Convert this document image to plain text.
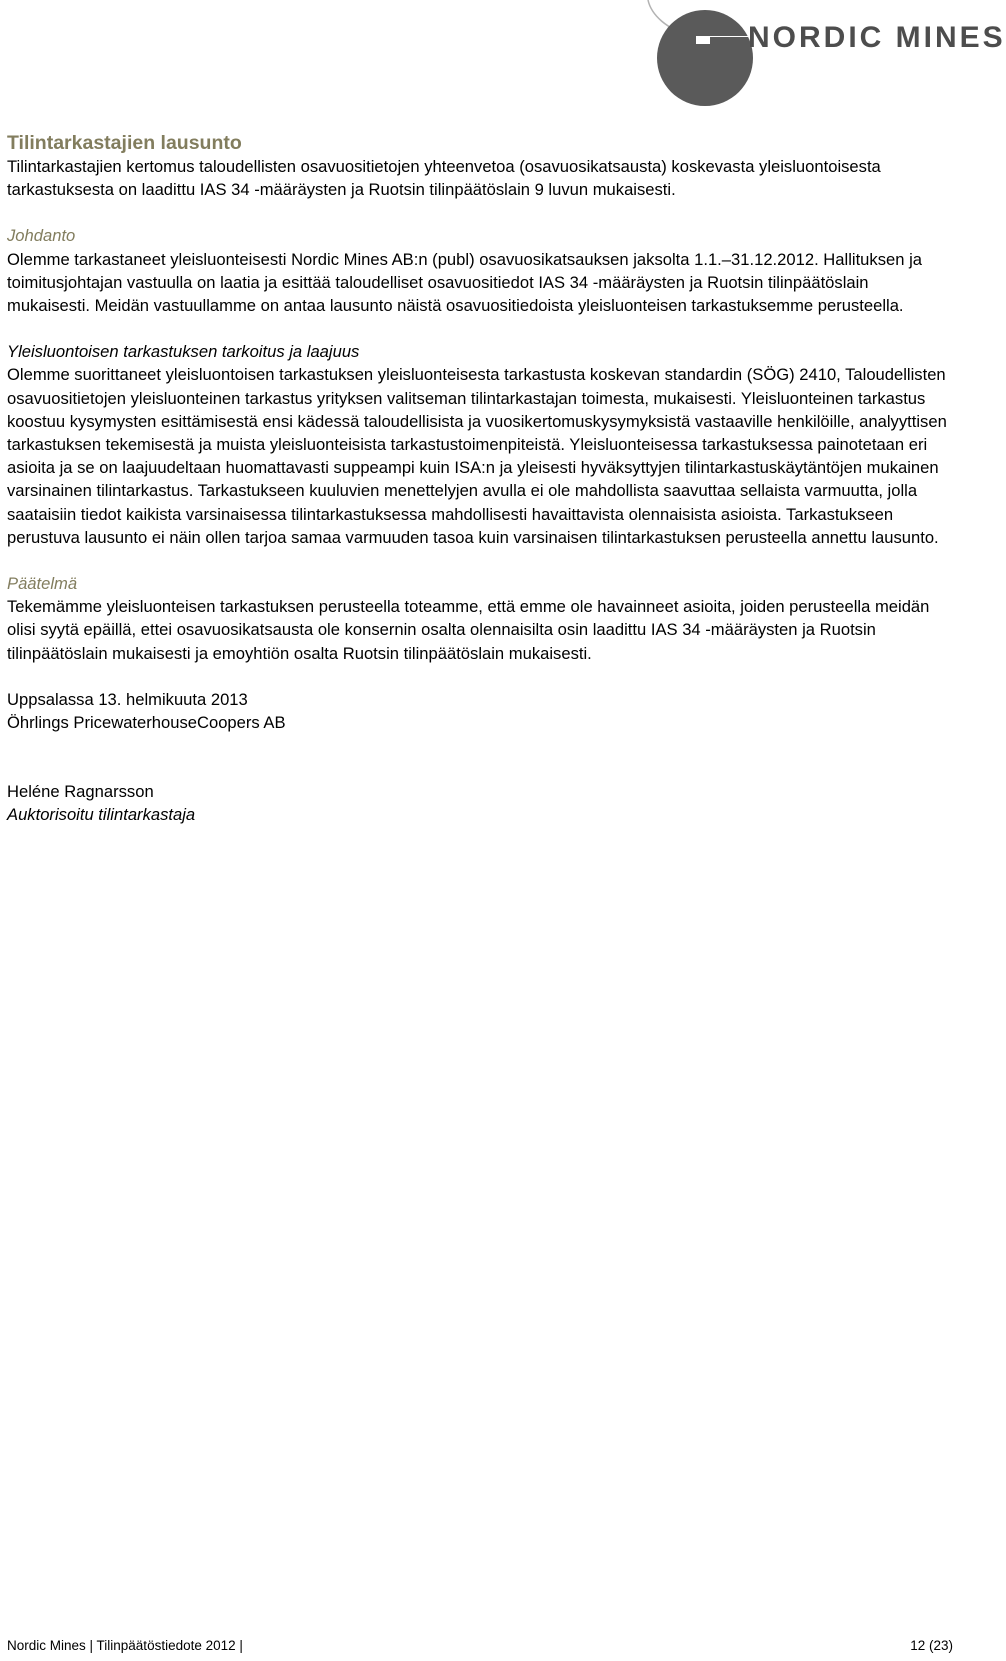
NORDIC MINES
Tilintarkastajien lausunto

Tilintarkastajien kertomus taloudellisten osavuositietojen yhteenvetoa (osavuosikatsausta) koskevasta yleisluontoisesta tarkastuksesta on laadittu IAS 34 -määräysten ja Ruotsin tilinpäätöslain 9 luvun mukaisesti.

Johdanto

Olemme tarkastaneet yleisluonteisesti Nordic Mines AB:n (publ) osavuosikatsauksen jaksolta 1.1.–31.12.2012. Hallituksen ja toimitusjohtajan vastuulla on laatia ja esittää taloudelliset osavuositiedot IAS 34 -määräysten ja Ruotsin tilinpäätöslain mukaisesti. Meidän vastuullamme on antaa lausunto näistä osavuositiedoista yleisluonteisen tarkastuksemme perusteella.

Yleisluontoisen tarkastuksen tarkoitus ja laajuus

Olemme suorittaneet yleisluontoisen tarkastuksen yleisluonteisesta tarkastusta koskevan standardin (SÖG) 2410, Taloudellisten osavuositietojen yleisluonteinen tarkastus yrityksen valitseman tilintarkastajan toimesta, mukaisesti. Yleisluonteinen tarkastus koostuu kysymysten esittämisestä ensi kädessä taloudellisista ja vuosikertomuskysymyksistä vastaaville henkilöille, analyyttisen tarkastuksen tekemisestä ja muista yleisluonteisista tarkastustoimenpiteistä. Yleisluonteisessa tarkastuksessa painotetaan eri asioita ja se on laajuudeltaan huomattavasti suppeampi kuin ISA:n ja yleisesti hyväksyttyjen tilintarkastuskäytäntöjen mukainen varsinainen tilintarkastus. Tarkastukseen kuuluvien menettelyjen avulla ei ole mahdollista saavuttaa sellaista varmuutta, jolla saataisiin tiedot kaikista varsinaisessa tilintarkastuksessa mahdollisesti havaittavista olennaisista asioista. Tarkastukseen perustuva lausunto ei näin ollen tarjoa samaa varmuuden tasoa kuin varsinaisen tilintarkastuksen perusteella annettu lausunto.

Päätelmä

Tekemämme yleisluonteisen tarkastuksen perusteella toteamme, että emme ole havainneet asioita, joiden perusteella meidän olisi syytä epäillä, ettei osavuosikatsausta ole konsernin osalta olennaisilta osin laadittu IAS 34 -määräysten ja Ruotsin tilinpäätöslain mukaisesti ja emoyhtiön osalta Ruotsin tilinpäätöslain mukaisesti.

Uppsalassa 13. helmikuuta 2013

Öhrlings PricewaterhouseCoopers AB

Heléne Ragnarsson

Auktorisoitu tilintarkastaja

Nordic Mines | Tilinpäätöstiedote 2012 |	12 (23)
